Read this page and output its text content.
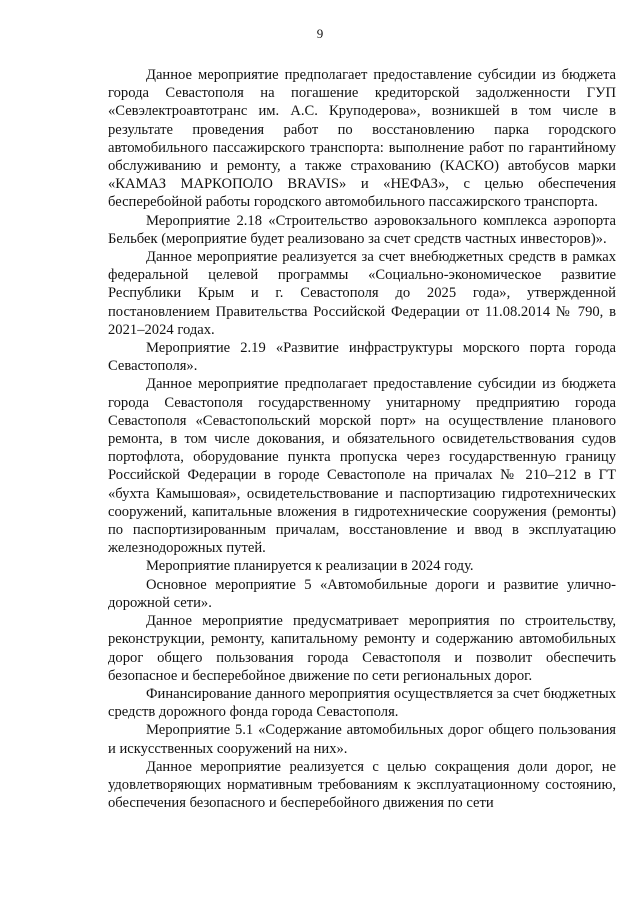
9

Данное мероприятие предполагает предоставление субсидии из бюджета города Севастополя на погашение кредиторской задолженности ГУП «Севэлектроавтотранс им. А.С. Круподерова», возникшей в том числе в результате проведения работ по восстановлению парка городского автомобильного пассажирского транспорта: выполнение работ по гарантийному обслуживанию и ремонту, а также страхованию (КАСКО) автобусов марки «КАМАЗ МАРКОПОЛО BRAVIS» и «НЕФАЗ», с целью обеспечения бесперебойной работы городского автомобильного пассажирского транспорта.

Мероприятие 2.18 «Строительство аэровокзального комплекса аэропорта Бельбек (мероприятие будет реализовано за счет средств частных инвесторов)».

Данное мероприятие реализуется за счет внебюджетных средств в рамках федеральной целевой программы «Социально-экономическое развитие Республики Крым и г. Севастополя до 2025 года», утвержденной постановлением Правительства Российской Федерации от 11.08.2014 № 790, в 2021–2024 годах.

Мероприятие 2.19 «Развитие инфраструктуры морского порта города Севастополя».

Данное мероприятие предполагает предоставление субсидии из бюджета города Севастополя государственному унитарному предприятию города Севастополя «Севастопольский морской порт» на осуществление планового ремонта, в том числе докования, и обязательного освидетельствования судов портофлота, оборудование пункта пропуска через государственную границу Российской Федерации в городе Севастополе на причалах № 210–212 в ГТ «бухта Камышовая», освидетельствование и паспортизацию гидротехнических сооружений, капитальные вложения в гидротехнические сооружения (ремонты) по паспортизированным причалам, восстановление и ввод в эксплуатацию железнодорожных путей.

Мероприятие планируется к реализации в 2024 году.

Основное мероприятие 5 «Автомобильные дороги и развитие улично-дорожной сети».

Данное мероприятие предусматривает мероприятия по строительству, реконструкции, ремонту, капитальному ремонту и содержанию автомобильных дорог общего пользования города Севастополя и позволит обеспечить безопасное и бесперебойное движение по сети региональных дорог.

Финансирование данного мероприятия осуществляется за счет бюджетных средств дорожного фонда города Севастополя.

Мероприятие 5.1 «Содержание автомобильных дорог общего пользования и искусственных сооружений на них».

Данное мероприятие реализуется с целью сокращения доли дорог, не удовлетворяющих нормативным требованиям к эксплуатационному состоянию, обеспечения безопасного и бесперебойного движения по сети
